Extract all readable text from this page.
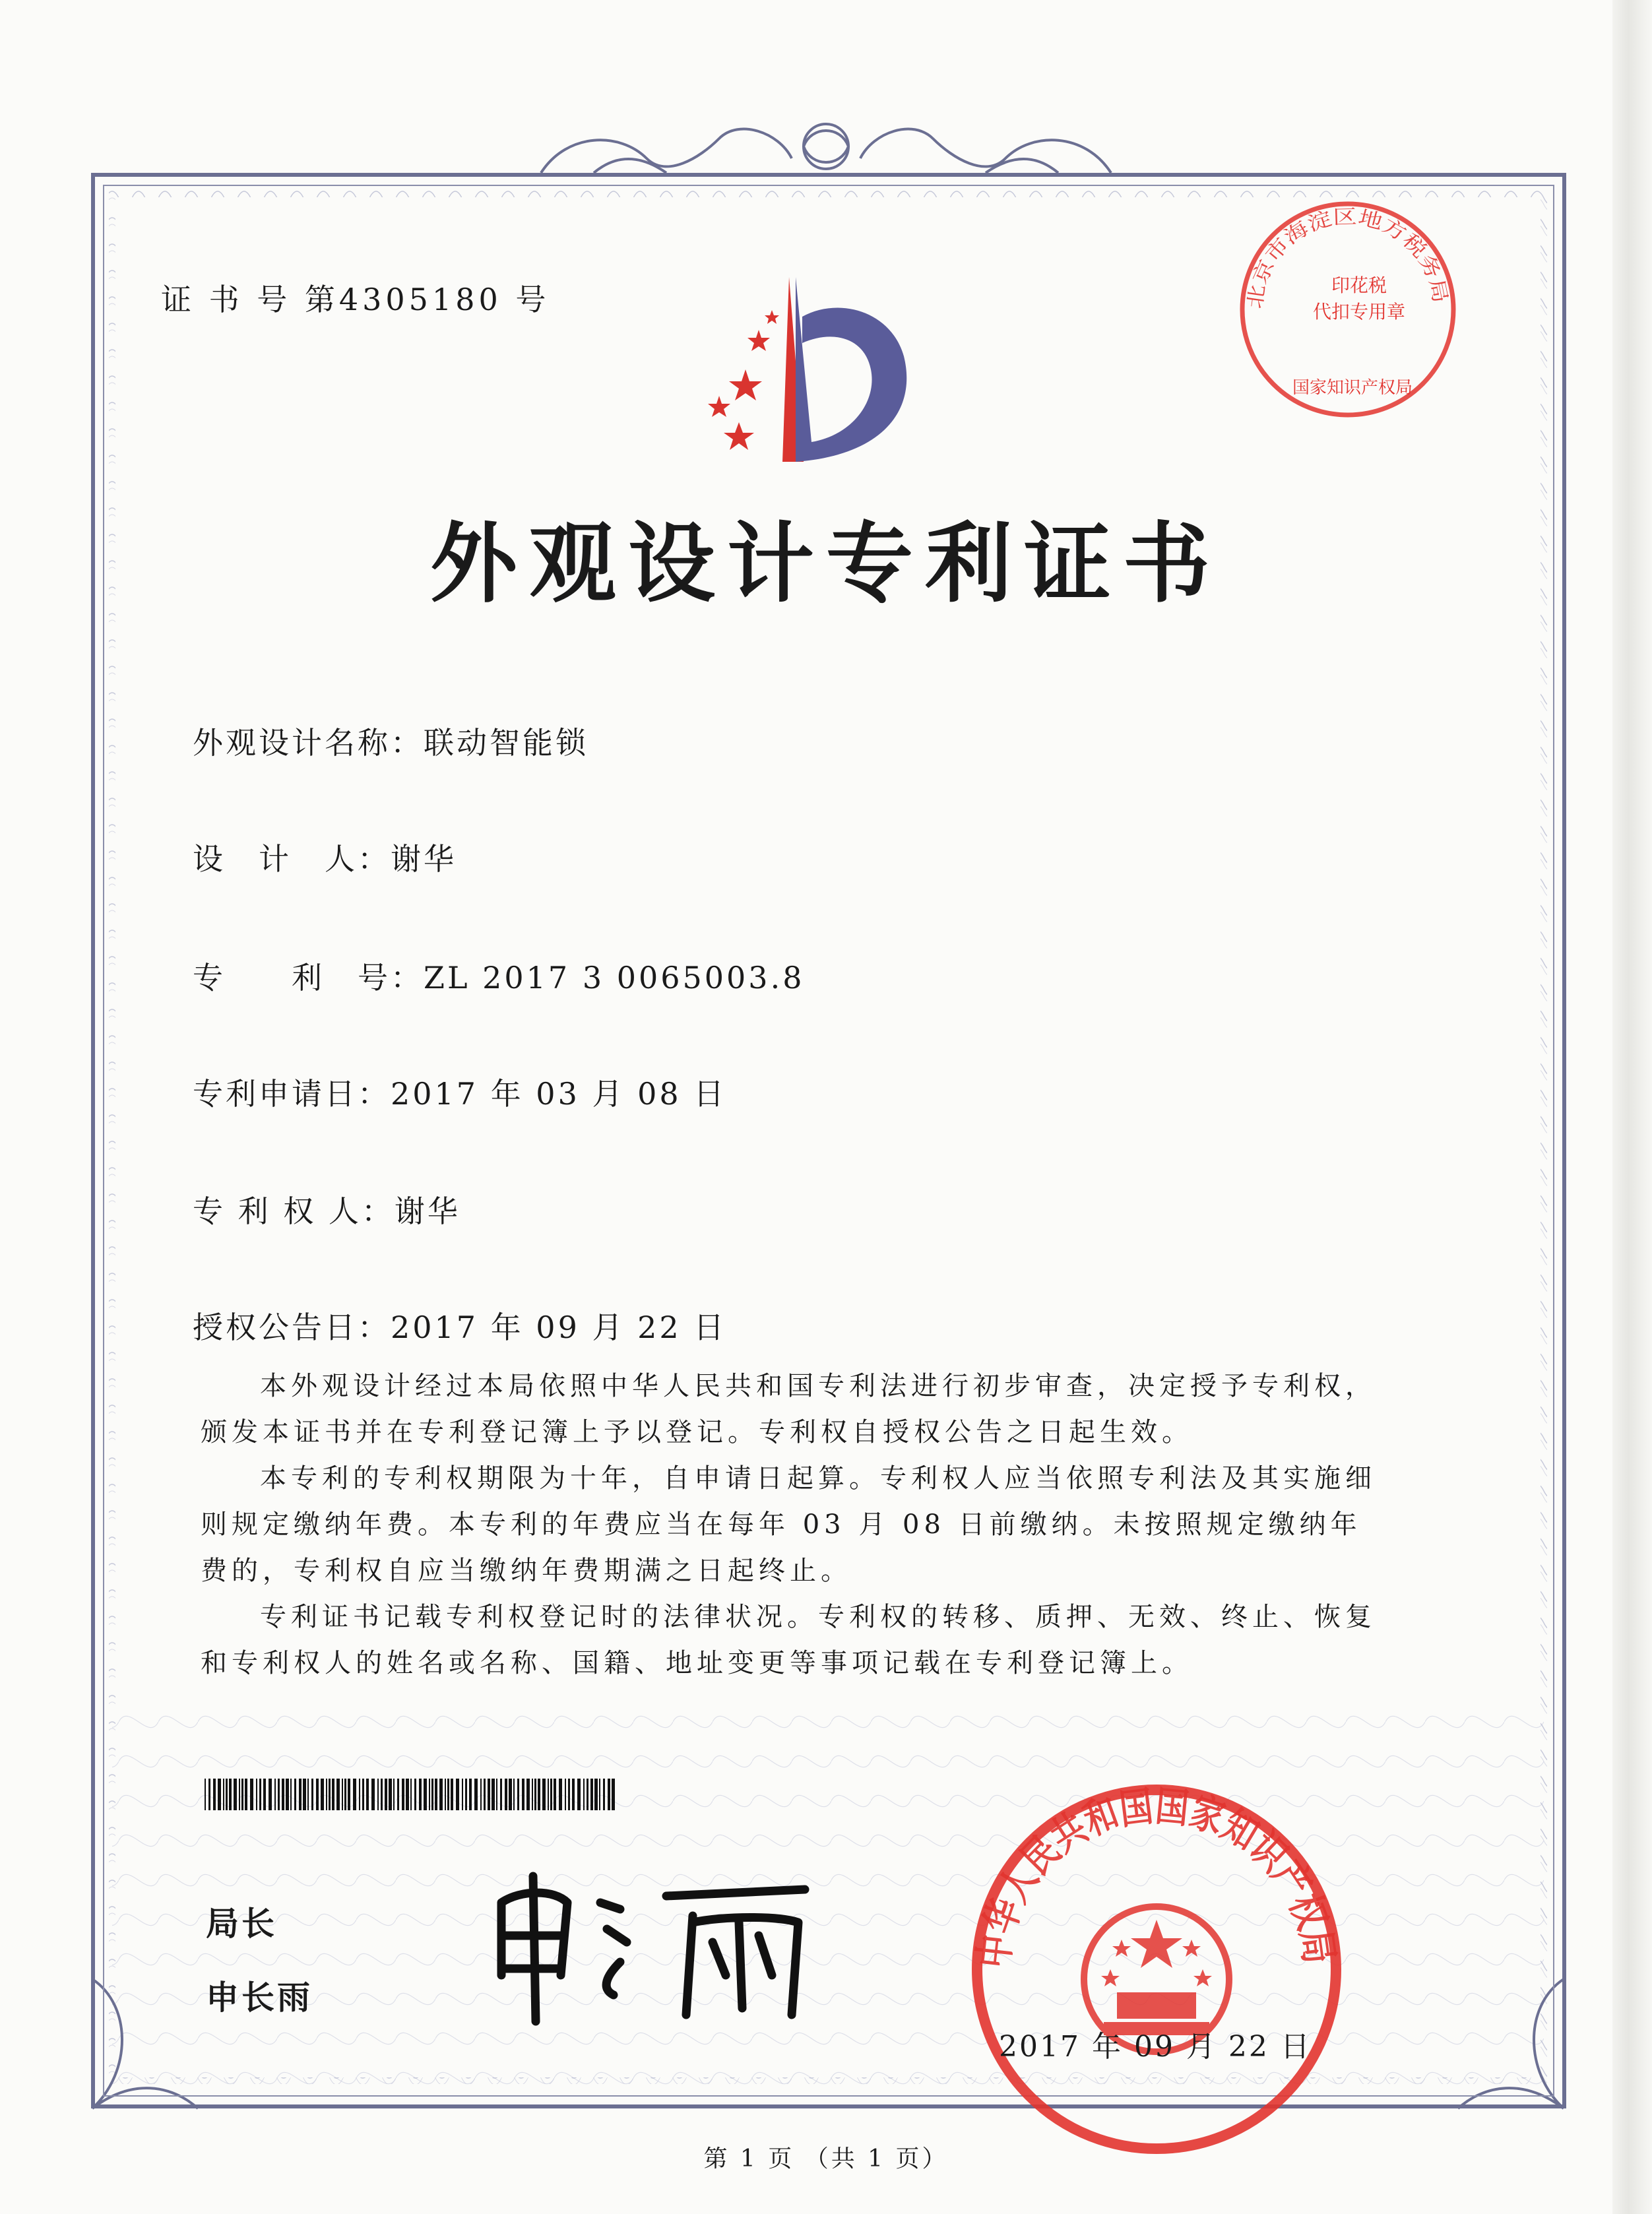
证 书 号 第4305180 号
外观设计专利证书
外观设计名称：联动智能锁
设　计　人：谢华
专　　利　号：ZL 2017 3 0065003.8
专利申请日：2017 年 03 月 08 日
专 利 权 人：谢华
授权公告日：2017 年 09 月 22 日

本外观设计经过本局依照中华人民共和国专利法进行初步审查，决定授予专利权，颁发本证书并在专利登记簿上予以登记。专利权自授权公告之日起生效。

本专利的专利权期限为十年，自申请日起算。专利权人应当依照专利法及其实施细则规定缴纳年费。本专利的年费应当在每年 03 月 08 日前缴纳。未按照规定缴纳年费的，专利权自应当缴纳年费期满之日起终止。

专利证书记载专利权登记时的法律状况。专利权的转移、质押、无效、终止、恢复和专利权人的姓名或名称、国籍、地址变更等事项记载在专利登记簿上。

局长
申长雨
中华人民共和国国家知识产权局
北京市海淀区地方税务局
印花税
代扣专用章
国家知识产权局
2017 年 09 月 22 日
第 1 页 （共 1 页）
